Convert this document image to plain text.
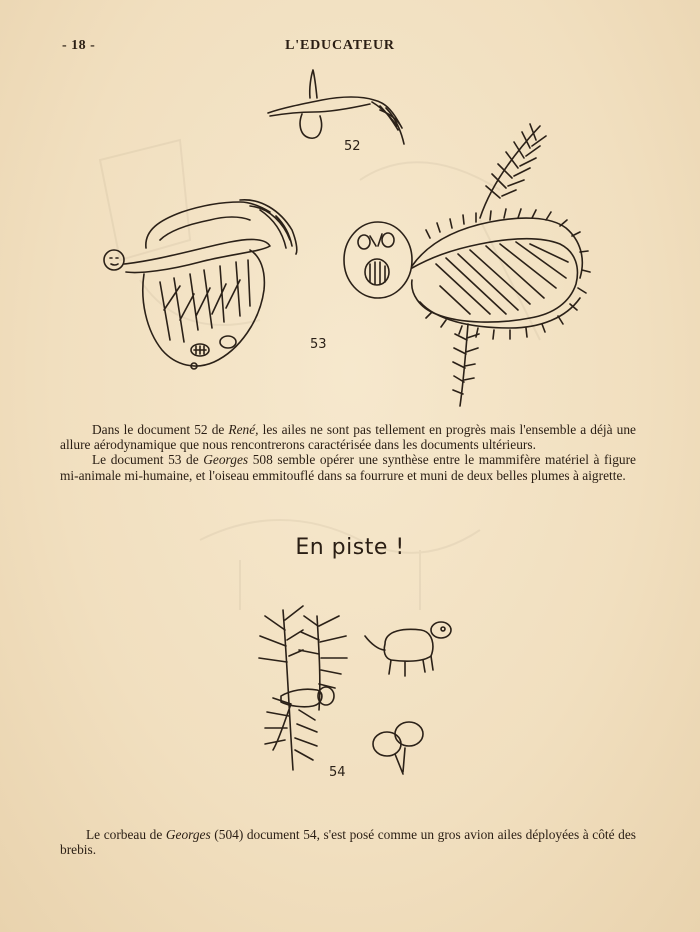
- 18 -	L'EDUCATEUR
52
53

Dans le document 52 de René, les ailes ne sont pas tellement en progrès mais l'ensemble a déjà une allure aérodynamique que nous rencontrerons caractérisée dans les documents ultérieurs.

Le document 53 de Georges 508 semble opérer une synthèse entre le mammifère matériel à figure mi-animale mi-humaine, et l'oiseau emmitouflé dans sa fourrure et muni de deux belles plumes à aigrette.

En piste !
54

Le corbeau de Georges (504) document 54, s'est posé comme un gros avion ailes déployées à côté des brebis.
